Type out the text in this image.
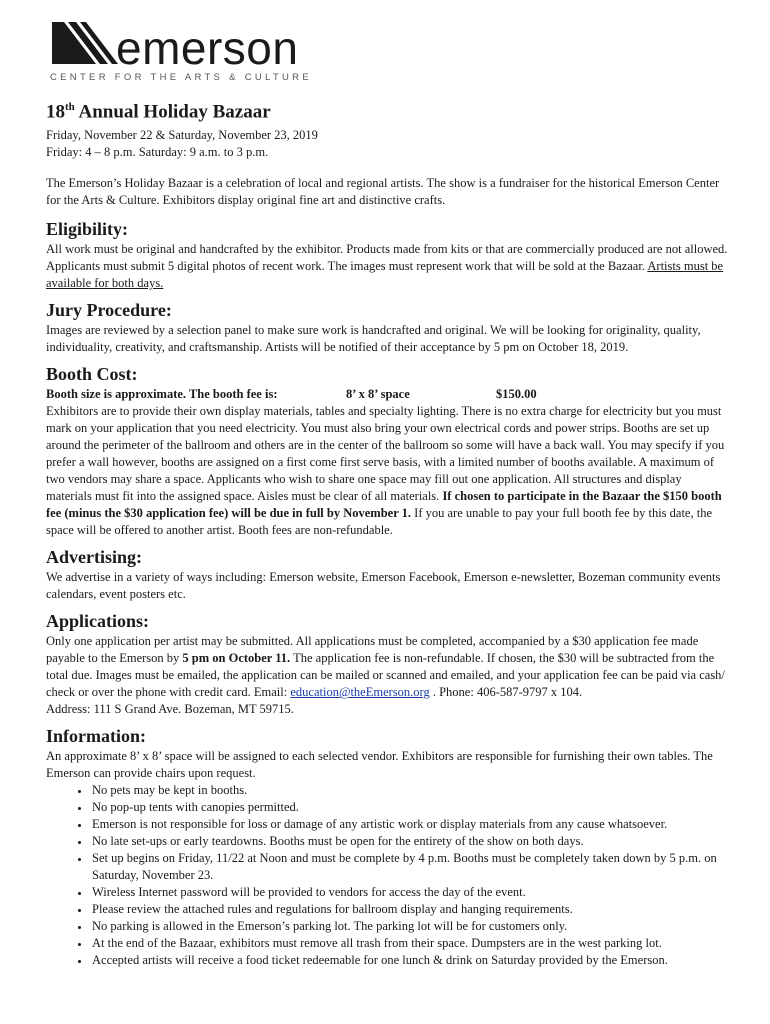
emerson
CENTER FOR THE ARTS & CULTURE
18th Annual Holiday Bazaar

Friday, November 22 & Saturday, November 23, 2019

Friday: 4 – 8 p.m. Saturday: 9 a.m. to 3 p.m.

The Emerson’s Holiday Bazaar is a celebration of local and regional artists. The show is a fundraiser for the historical Emerson Center for the Arts & Culture. Exhibitors display original fine art and distinctive crafts.

Eligibility:

All work must be original and handcrafted by the exhibitor. Products made from kits or that are commercially produced are not allowed. Applicants must submit 5 digital photos of recent work. The images must represent work that will be sold at the Bazaar. Artists must be available for both days.

Jury Procedure:

Images are reviewed by a selection panel to make sure work is handcrafted and original. We will be looking for originality, quality, individuality, creativity, and craftsmanship. Artists will be notified of their acceptance by 5 pm on October 18, 2019.

Booth Cost:
Booth size is approximate. The booth fee is:	8’ x 8’ space	$150.00

Exhibitors are to provide their own display materials, tables and specialty lighting. There is no extra charge for electricity but you must mark on your application that you need electricity. You must also bring your own electrical cords and power strips. Booths are set up around the perimeter of the ballroom and others are in the center of the ballroom so some will have a back wall. You may specify if you prefer a wall however, booths are assigned on a first come first serve basis, with a limited number of booths available. A maximum of two vendors may share a space. Applicants who wish to share one space may fill out one application. All structures and display materials must fit into the assigned space. Aisles must be clear of all materials. If chosen to participate in the Bazaar the $150 booth fee (minus the $30 application fee) will be due in full by November 1. If you are unable to pay your full booth fee by this date, the space will be offered to another artist. Booth fees are non-refundable.

Advertising:

We advertise in a variety of ways including: Emerson website, Emerson Facebook, Emerson e-newsletter, Bozeman community events calendars, event posters etc.

Applications:

Only one application per artist may be submitted. All applications must be completed, accompanied by a $30 application fee made payable to the Emerson by 5 pm on October 11. The application fee is non-refundable. If chosen, the $30 will be subtracted from the total due. Images must be emailed, the application can be mailed or scanned and emailed, and your application fee can be paid via cash/ check or over the phone with credit card. Email: education@theEmerson.org . Phone: 406-587-9797 x 104.

Address: 111 S Grand Ave. Bozeman, MT 59715.

Information:

An approximate 8’ x 8’ space will be assigned to each selected vendor. Exhibitors are responsible for furnishing their own tables. The Emerson can provide chairs upon request.

• No pets may be kept in booths.
• No pop-up tents with canopies permitted.
• Emerson is not responsible for loss or damage of any artistic work or display materials from any cause whatsoever.
• No late set-ups or early teardowns. Booths must be open for the entirety of the show on both days.
• Set up begins on Friday, 11/22 at Noon and must be complete by 4 p.m. Booths must be completely taken down by 5 p.m. on Saturday, November 23.
• Wireless Internet password will be provided to vendors for access the day of the event.
• Please review the attached rules and regulations for ballroom display and hanging requirements.
• No parking is allowed in the Emerson’s parking lot. The parking lot will be for customers only.
• At the end of the Bazaar, exhibitors must remove all trash from their space. Dumpsters are in the west parking lot.
• Accepted artists will receive a food ticket redeemable for one lunch & drink on Saturday provided by the Emerson.
